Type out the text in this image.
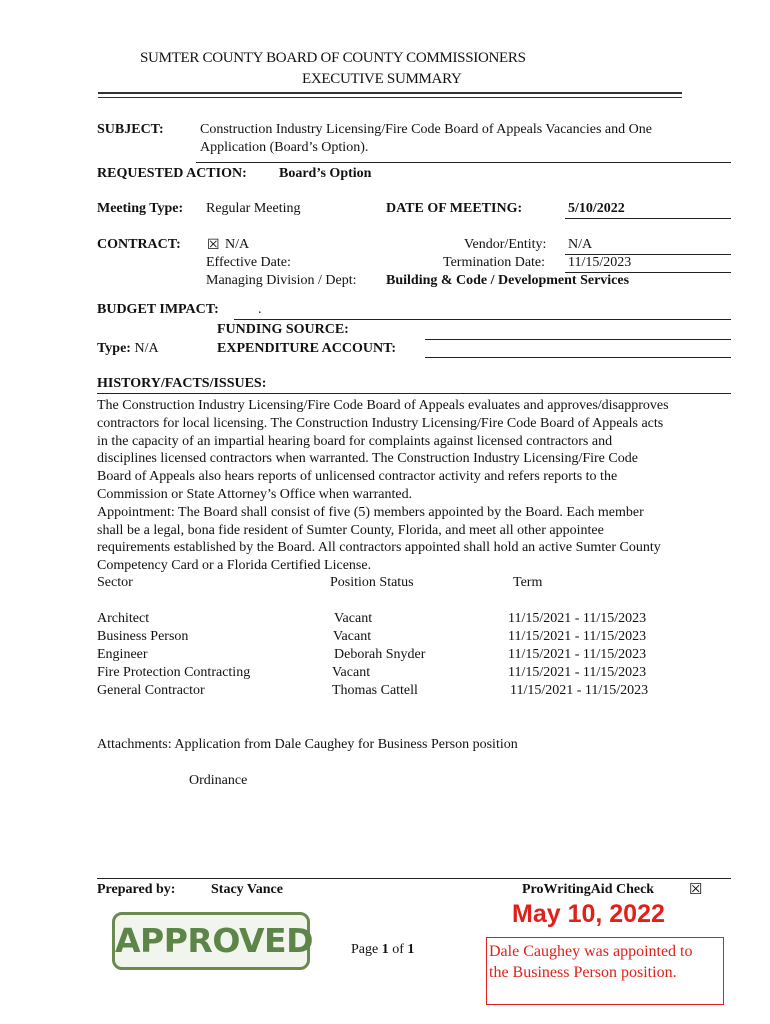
SUMTER COUNTY BOARD OF COUNTY COMMISSIONERS
EXECUTIVE SUMMARY
SUBJECT:	Construction Industry Licensing/Fire Code Board of Appeals Vacancies and One
Application (Board’s Option).
REQUESTED ACTION: Board’s Option
Meeting Type: Regular Meeting	DATE OF MEETING:	5/10/2022
CONTRACT: ☒ N/A	Vendor/Entity: N/A
Effective Date:	Termination Date: 11/15/2023
Managing Division / Dept: Building & Code / Development Services
BUDGET IMPACT:	.
FUNDING SOURCE:
Type: N/A	EXPENDITURE ACCOUNT:
HISTORY/FACTS/ISSUES:
The Construction Industry Licensing/Fire Code Board of Appeals evaluates and approves/disapproves
contractors for local licensing. The Construction Industry Licensing/Fire Code Board of Appeals acts
in the capacity of an impartial hearing board for complaints against licensed contractors and
disciplines licensed contractors when warranted. The Construction Industry Licensing/Fire Code
Board of Appeals also hears reports of unlicensed contractor activity and refers reports to the
Commission or State Attorney’s Office when warranted.
Appointment: The Board shall consist of five (5) members appointed by the Board. Each member
shall be a legal, bona fide resident of Sumter County, Florida, and meet all other appointee
requirements established by the Board. All contractors appointed shall hold an active Sumter County
Competency Card or a Florida Certified License.
Sector	Position Status	Term
Architect	Vacant	11/15/2021 - 11/15/2023
Business Person	Vacant	11/15/2021 - 11/15/2023
Engineer	Deborah Snyder	11/15/2021 - 11/15/2023
Fire Protection Contracting	Vacant	11/15/2021 - 11/15/2023
General Contractor	Thomas Cattell	11/15/2021 - 11/15/2023
Attachments: Application from Dale Caughey for Business Person position
Ordinance
Prepared by:	Stacy Vance	ProWritingAid Check ☒
Page 1 of 1
APPROVED
May 10, 2022
Dale Caughey was appointed to
the Business Person position.
